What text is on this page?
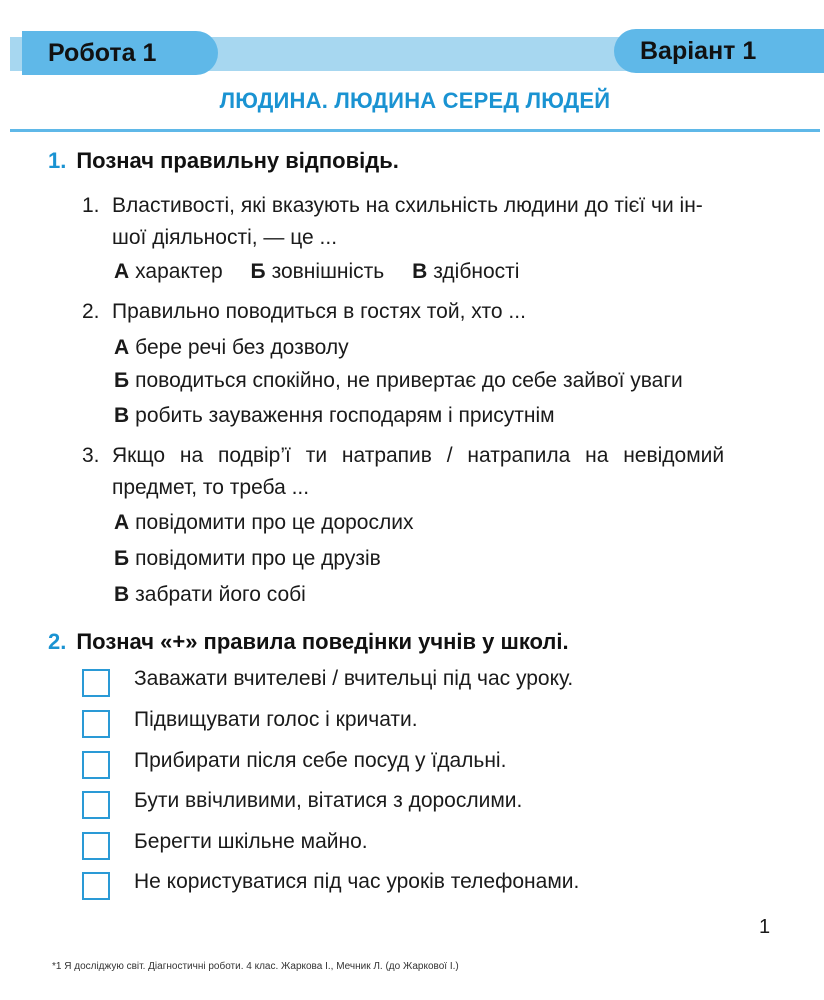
Робота 1	Варіант 1
ЛЮДИНА. ЛЮДИНА СЕРЕД ЛЮДЕЙ
1. Познач правильну відповідь.
1. Властивості, які вказують на схильність людини до тієї чи ін-
шої діяльності, — це ...
А характер Б зовнішність В здібності
2. Правильно поводиться в гостях той, хто ...
А бере речі без дозволу
Б поводиться спокійно, не привертає до себе зайвої уваги
В робить зауваження господарям і присутнім
3. Якщо на подвір’ї ти натрапив / натрапила на невідомий
предмет, то треба ...
А повідомити про це дорослих
Б повідомити про це друзів
В забрати його собі
2. Познач «+» правила поведінки учнів у школі.
Заважати вчителеві / вчительці під час уроку.
Підвищувати голос і кричати.
Прибирати після себе посуд у їдальні.
Бути ввічливими, вітатися з дорослими.
Берегти шкільне майно.
Не користуватися під час уроків телефонами.
1
*1 Я досліджую світ. Діагностичні роботи. 4 клас. Жаркова І., Мечник Л. (до Жаркової І.)
